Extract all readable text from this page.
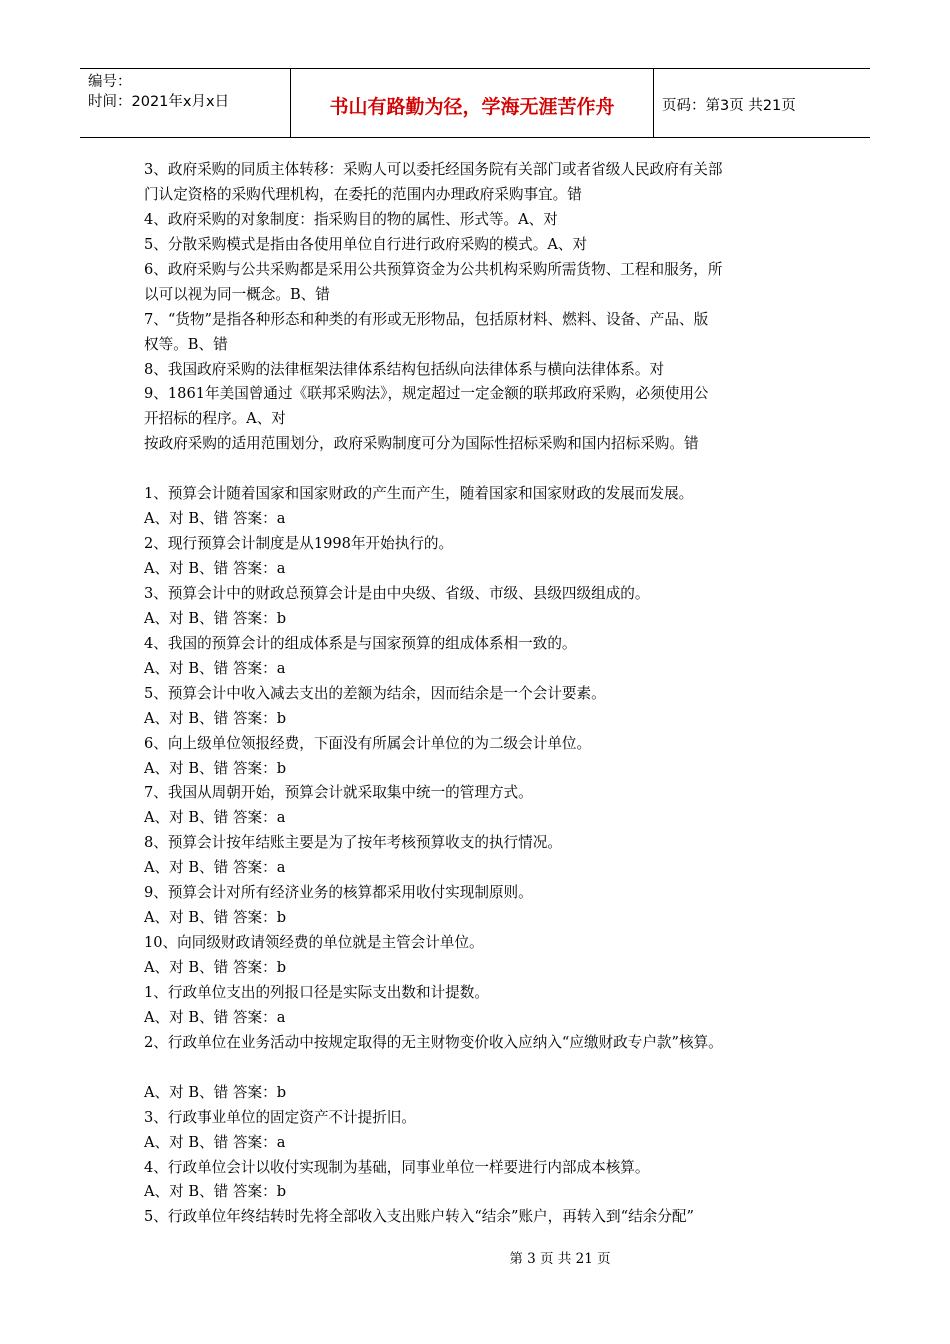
编号：
时间：2021年x月x日	书山有路勤为径，学海无涯苦作舟	页码：第3页 共21页
3、政府采购的同质主体转移：采购人可以委托经国务院有关部门或者省级人民政府有关部
门认定资格的采购代理机构，在委托的范围内办理政府采购事宜。错
4、政府采购的对象制度：指采购目的物的属性、形式等。A、对
5、分散采购模式是指由各使用单位自行进行政府采购的模式。A、对
6、政府采购与公共采购都是采用公共预算资金为公共机构采购所需货物、工程和服务，所
以可以视为同一概念。B、错
7、“货物”是指各种形态和种类的有形或无形物品，包括原材料、燃料、设备、产品、版
权等。B、错
8、我国政府采购的法律框架法律体系结构包括纵向法律体系与横向法律体系。对
9、1861年美国曾通过《联邦采购法》，规定超过一定金额的联邦政府采购，必须使用公
开招标的程序。A、对
按政府采购的适用范围划分，政府采购制度可分为国际性招标采购和国内招标采购。错
1、预算会计随着国家和国家财政的产生而产生，随着国家和国家财政的发展而发展。
A、对 B、错 答案：a
2、现行预算会计制度是从1998年开始执行的。
A、对 B、错 答案：a
3、预算会计中的财政总预算会计是由中央级、省级、市级、县级四级组成的。
A、对 B、错 答案：b
4、我国的预算会计的组成体系是与国家预算的组成体系相一致的。
A、对 B、错 答案：a
5、预算会计中收入减去支出的差额为结余，因而结余是一个会计要素。
A、对 B、错 答案：b
6、向上级单位领报经费，下面没有所属会计单位的为二级会计单位。
A、对 B、错 答案：b
7、我国从周朝开始，预算会计就采取集中统一的管理方式。
A、对 B、错 答案：a
8、预算会计按年结账主要是为了按年考核预算收支的执行情况。
A、对 B、错 答案：a
9、预算会计对所有经济业务的核算都采用收付实现制原则。
A、对 B、错 答案：b
10、向同级财政请领经费的单位就是主管会计单位。
A、对 B、错 答案：b
1、行政单位支出的列报口径是实际支出数和计提数。
A、对 B、错 答案：a
2、行政单位在业务活动中按规定取得的无主财物变价收入应纳入“应缴财政专户款”核算。
A、对 B、错 答案：b
3、行政事业单位的固定资产不计提折旧。
A、对 B、错 答案：a
4、行政单位会计以收付实现制为基础，同事业单位一样要进行内部成本核算。
A、对 B、错 答案：b
5、行政单位年终结转时先将全部收入支出账户转入“结余”账户，再转入到“结余分配”
第 3 页 共 21 页
